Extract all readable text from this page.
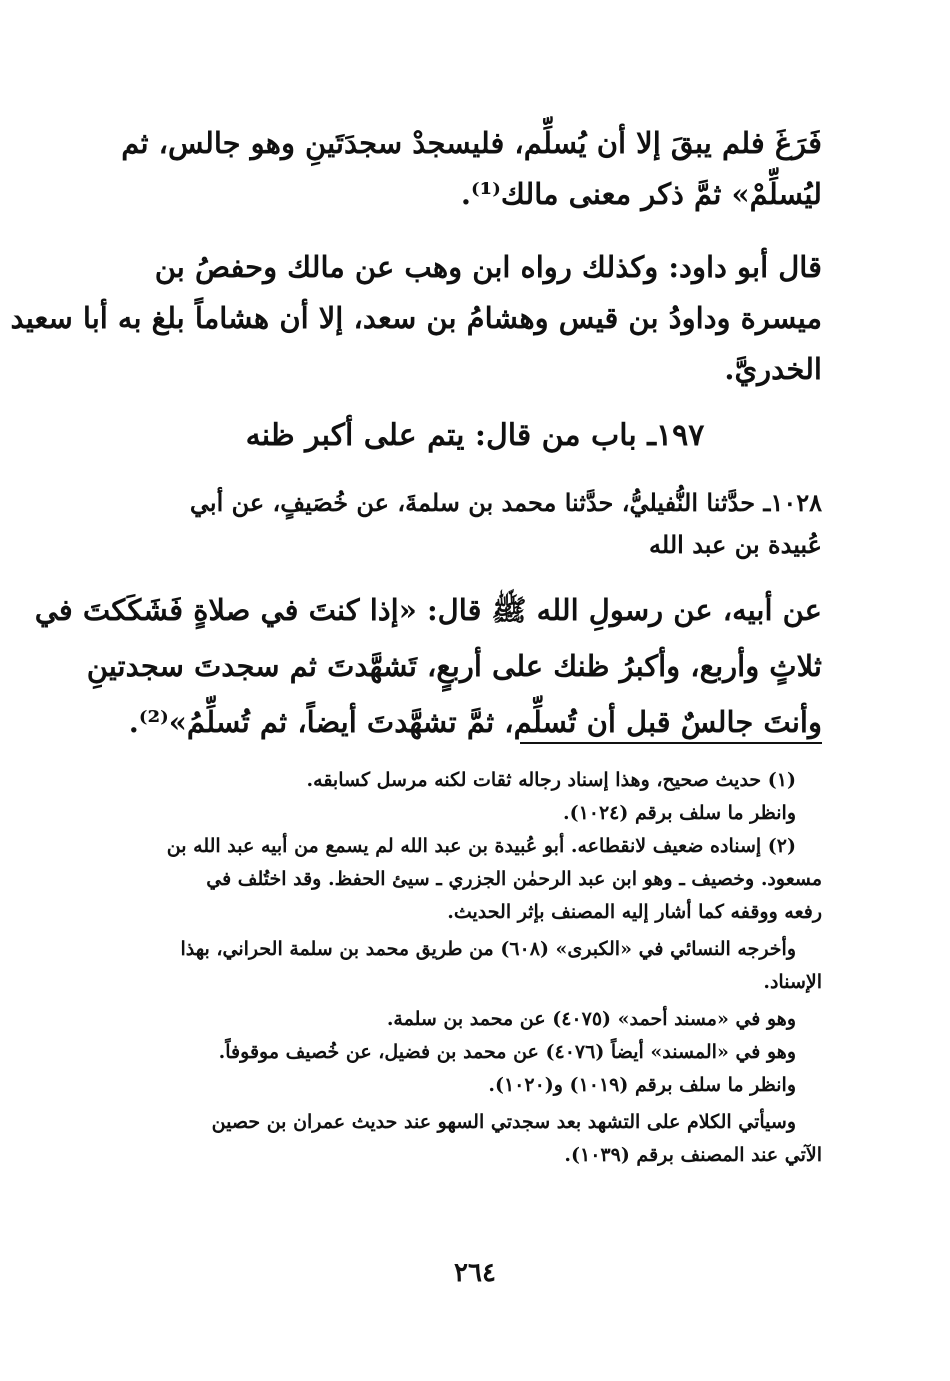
فَرَغَ فلم يبقَ إلا أن يُسلِّم، فليسجدْ سجدَتَينِ وهو جالس، ثم
ليُسلِّمْ» ثمَّ ذكر معنى مالك⁽¹⁾.
قال أبو داود: وكذلك رواه ابن وهب عن مالك وحفصُ بن
ميسرة وداودُ بن قيس وهشامُ بن سعد، إلا أن هشاماً بلغ به أبا سعيد
الخدريَّ.
١٩٧ـ باب من قال: يتم على أكبر ظنه
١٠٢٨ـ حدَّثنا النُّفيليُّ، حدَّثنا محمد بن سلمةَ، عن خُصَيفٍ، عن أبي
عُبيدة بن عبد الله
عن أبيه، عن رسولِ الله ﷺ قال: «إذا كنتَ في صلاةٍ فَشَكَكتَ في
ثلاثٍ وأربع، وأكبرُ ظنك على أربعٍ، تَشهَّدتَ ثم سجدتَ سجدتينِ
وأنتَ جالسٌ قبل أن تُسلِّم، ثمَّ تشهَّدتَ أيضاً، ثم تُسلِّمُ»⁽²⁾.
(١) حديث صحيح، وهذا إسناد رجاله ثقات لكنه مرسل كسابقه.
وانظر ما سلف برقم (١٠٢٤).
(٢) إسناده ضعيف لانقطاعه. أبو عُبيدة بن عبد الله لم يسمع من أبيه عبد الله بن
مسعود. وخصيف ـ وهو ابن عبد الرحمٰن الجزري ـ سيئ الحفظ. وقد اختُلف في
رفعه ووقفه كما أشار إليه المصنف بإثر الحديث.
وأخرجه النسائي في «الكبرى» (٦٠٨) من طريق محمد بن سلمة الحراني، بهذا
الإسناد.
وهو في «مسند أحمد» (٤٠٧٥) عن محمد بن سلمة.
وهو في «المسند» أيضاً (٤٠٧٦) عن محمد بن فضيل، عن خُصيف موقوفاً.
وانظر ما سلف برقم (١٠١٩) و(١٠٢٠).
وسيأتي الكلام على التشهد بعد سجدتي السهو عند حديث عمران بن حصين
الآتي عند المصنف برقم (١٠٣٩).
٢٦٤
